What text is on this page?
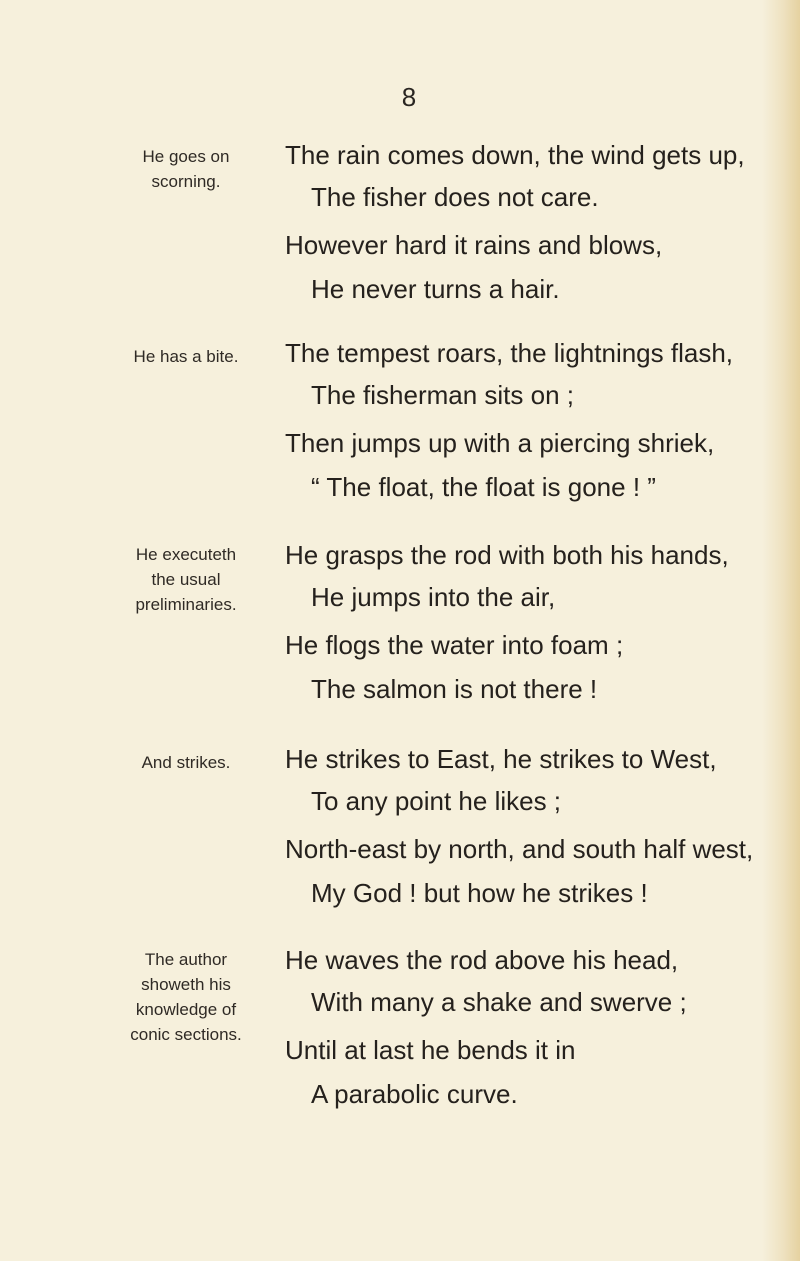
8
He goes on
scorning.
The rain comes down, the wind gets up,
The fisher does not care.
However hard it rains and blows,
He never turns a hair.
He has a bite.	The tempest roars, the lightnings flash,
The fisherman sits on ;
Then jumps up with a piercing shriek,
“ The float, the float is gone ! ”
He executeth
the usual
preliminaries.
He grasps the rod with both his hands,
He jumps into the air,
He flogs the water into foam ;
The salmon is not there !
And strikes.	He strikes to East, he strikes to West,
To any point he likes ;
North-east by north, and south half west,
My God ! but how he strikes !
The author
showeth his
knowledge of
conic sections.
He waves the rod above his head,
With many a shake and swerve ;
Until at last he bends it in
A parabolic curve.
